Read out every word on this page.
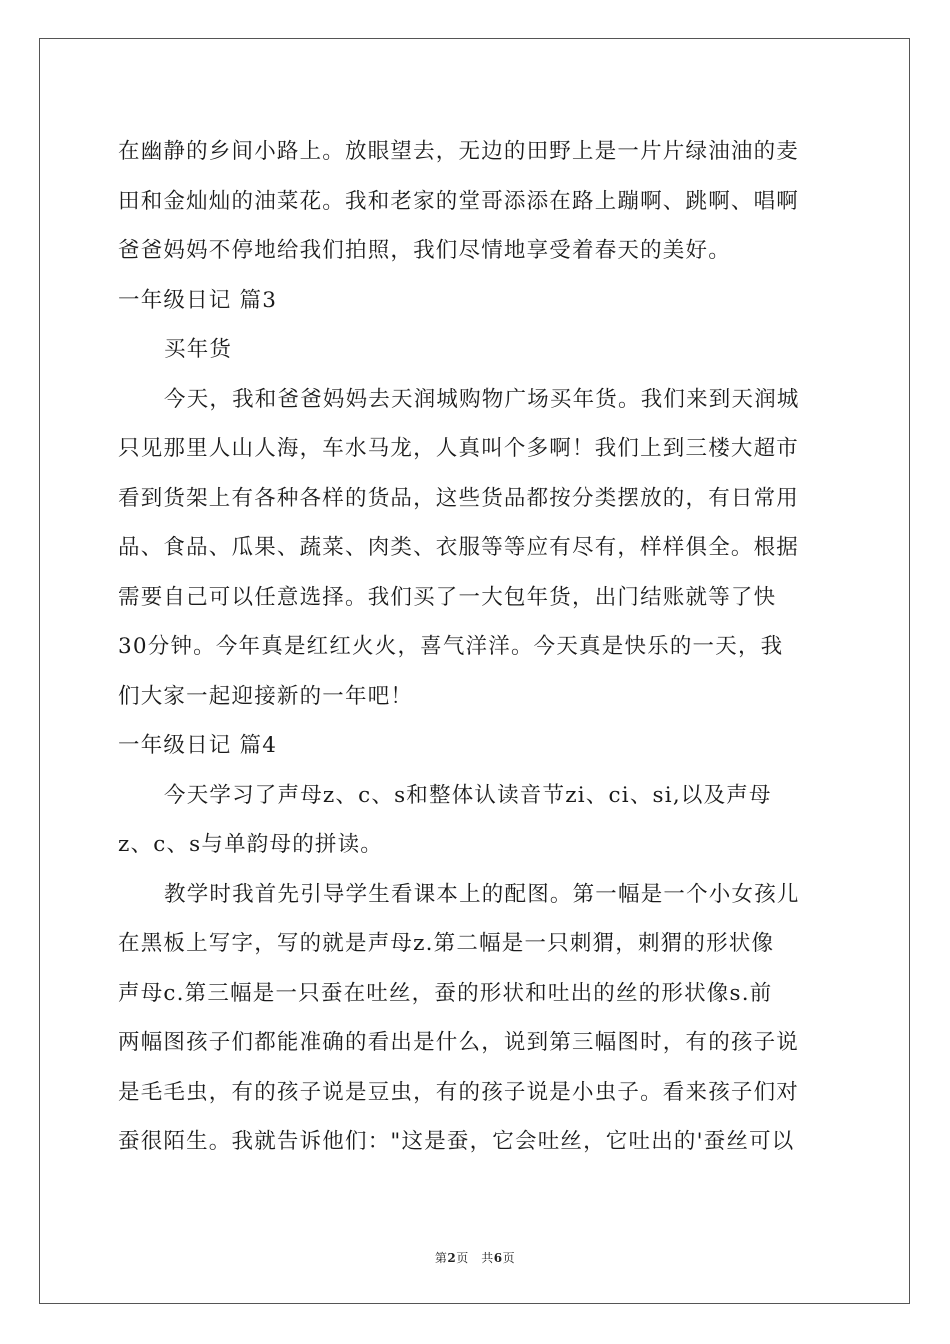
在幽静的乡间小路上。放眼望去，无边的田野上是一片片绿油油的麦
田和金灿灿的油菜花。我和老家的堂哥添添在路上蹦啊、跳啊、唱啊
爸爸妈妈不停地给我们拍照，我们尽情地享受着春天的美好。
一年级日记 篇3
买年货
今天，我和爸爸妈妈去天润城购物广场买年货。我们来到天润城
只见那里人山人海，车水马龙，人真叫个多啊！我们上到三楼大超市
看到货架上有各种各样的货品，这些货品都按分类摆放的，有日常用
品、食品、瓜果、蔬菜、肉类、衣服等等应有尽有，样样俱全。根据
需要自己可以任意选择。我们买了一大包年货，出门结账就等了快
30分钟。今年真是红红火火，喜气洋洋。今天真是快乐的一天，我
们大家一起迎接新的一年吧！
一年级日记 篇4
今天学习了声母z、c、s和整体认读音节zi、ci、si,以及声母
z、c、s与单韵母的拼读。
教学时我首先引导学生看课本上的配图。第一幅是一个小女孩儿
在黑板上写字，写的就是声母z.第二幅是一只刺猬，刺猬的形状像
声母c.第三幅是一只蚕在吐丝，蚕的形状和吐出的丝的形状像s.前
两幅图孩子们都能准确的看出是什么，说到第三幅图时，有的孩子说
是毛毛虫，有的孩子说是豆虫，有的孩子说是小虫子。看来孩子们对
蚕很陌生。我就告诉他们："这是蚕，它会吐丝，它吐出的'蚕丝可以
第2页　共6页
